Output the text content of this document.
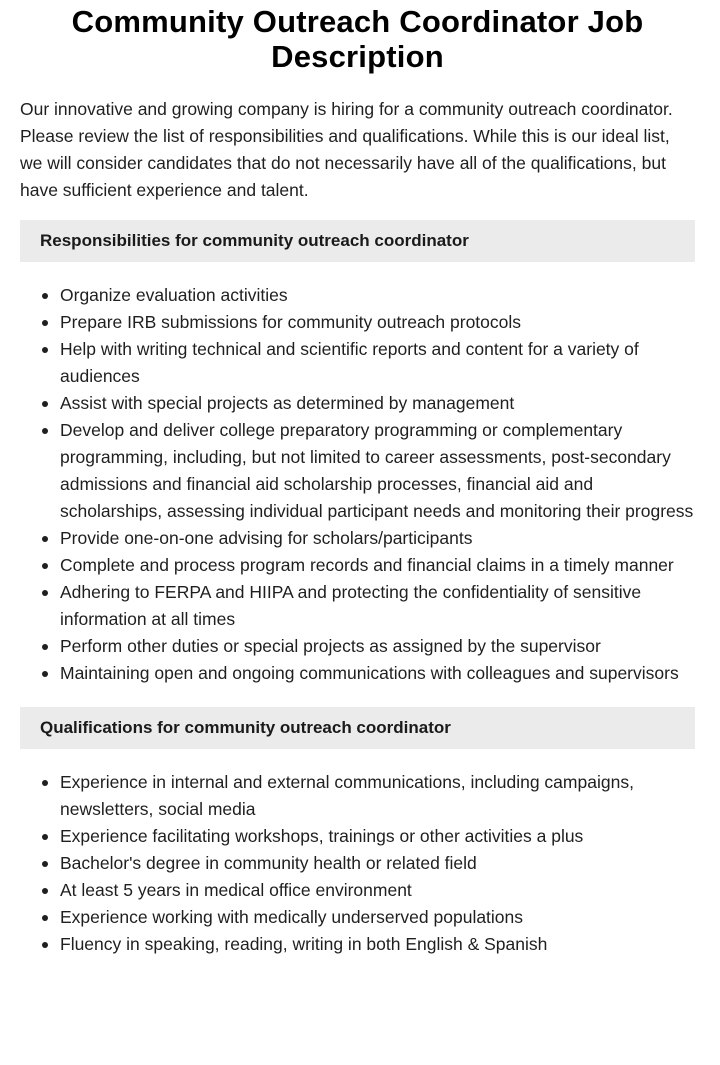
Community Outreach Coordinator Job Description

Our innovative and growing company is hiring for a community outreach coordinator. Please review the list of responsibilities and qualifications. While this is our ideal list, we will consider candidates that do not necessarily have all of the qualifications, but have sufficient experience and talent.

Responsibilities for community outreach coordinator
Organize evaluation activities
Prepare IRB submissions for community outreach protocols
Help with writing technical and scientific reports and content for a variety of audiences
Assist with special projects as determined by management
Develop and deliver college preparatory programming or complementary programming, including, but not limited to career assessments, post-secondary admissions and financial aid scholarship processes, financial aid and scholarships, assessing individual participant needs and monitoring their progress
Provide one-on-one advising for scholars/participants
Complete and process program records and financial claims in a timely manner
Adhering to FERPA and HIIPA and protecting the confidentiality of sensitive information at all times
Perform other duties or special projects as assigned by the supervisor
Maintaining open and ongoing communications with colleagues and supervisors
Qualifications for community outreach coordinator
Experience in internal and external communications, including campaigns, newsletters, social media
Experience facilitating workshops, trainings or other activities a plus
Bachelor's degree in community health or related field
At least 5 years in medical office environment
Experience working with medically underserved populations
Fluency in speaking, reading, writing in both English & Spanish
